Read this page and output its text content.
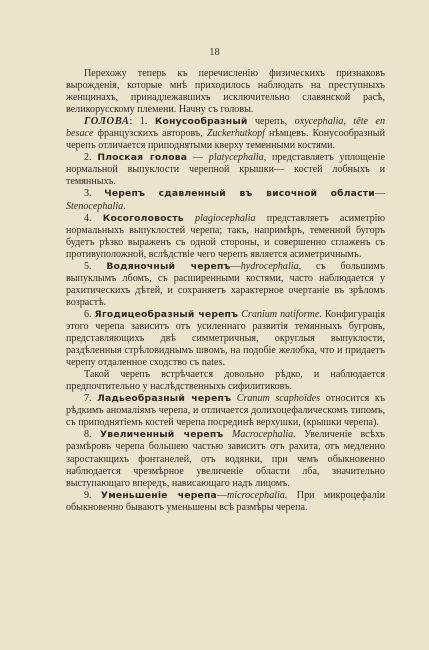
18

Перехожу теперь къ перечисленію физическихъ признаковъ вырожденія, которые мнѣ приходилось наблюдать на преступныхъ женщинахъ, принадлежавшихъ исключительно славянской расѣ, великорусскому племени. Начну съ головы.

ГОЛОВА: 1. Конусообразный черепъ, oxycephalia, tête en besace французскихъ авторовъ, Zuckerhutkopf нѣмцевъ. Конусообразный черепъ отличается приподнятыми кверху теменными костями.

2. Плоская голова — platycephalia, представляетъ уплощеніе нормальной выпуклости черепной крышки— костей лобныхъ и темянныхъ.

3. Черепъ сдавленный въ височной области— Stenocephalia.

4. Косоголовость plagiocephalia представляетъ асиметрію нормальныхъ выпуклостей черепа; такъ, напримѣръ, теменной бугоръ будетъ рѣзко выраженъ съ одной стороны, и совершенно сглаженъ съ противуположной, вслѣдствіе чего черепъ является асиметричнымъ.

5. Водяночный черепъ—hydrocephalia, съ большимъ выпуклымъ лбомъ, съ расширенными костями, часто наблюдается у рахитическихъ дѣтей, и сохраняетъ характерное очертаніе въ зрѣломъ возрастѣ.

6. Ягодицеобразный черепъ Cranium natiforme. Конфигурація этого черепа зависитъ отъ усиленнаго развитія темянныхъ бугровъ, представляющихъ двѣ симметричныя, округлыя выпуклости, раздѣленныя стрѣловиднымъ швомъ, на подобіе желобка, что и придаетъ черепу отдаленное сходство съ nates.

Такой черепъ встрѣчается довольно рѣдко, и наблюдается предпочтительно у наслѣдственныхъ сифилитиковъ.

7. Ладьеобразный черепъ Cranum scaphoïdes относится къ рѣдкимъ аномаліямъ черепа, и отличается долихоцефалическомъ типомъ, съ приподнятіемъ костей черепа посрединѣ верхушки, (крышки черепа).

8. Увеличенный черепъ Macrocephalia. Увеличеніе всѣхъ размѣровъ черепа большею частью зависитъ отъ рахита, отъ медленно заростающихъ фонтанелей, отъ водянки, при чемъ обыкновенно наблюдается чрезмѣрное увеличеніе области лба, значительно выступающаго впередъ, нависающаго надъ лицомъ.

9. Уменьшеніе черепа—microcephalia. При микроцефаліи обыкновенно бываютъ уменьшены всѣ размѣры черепа.
